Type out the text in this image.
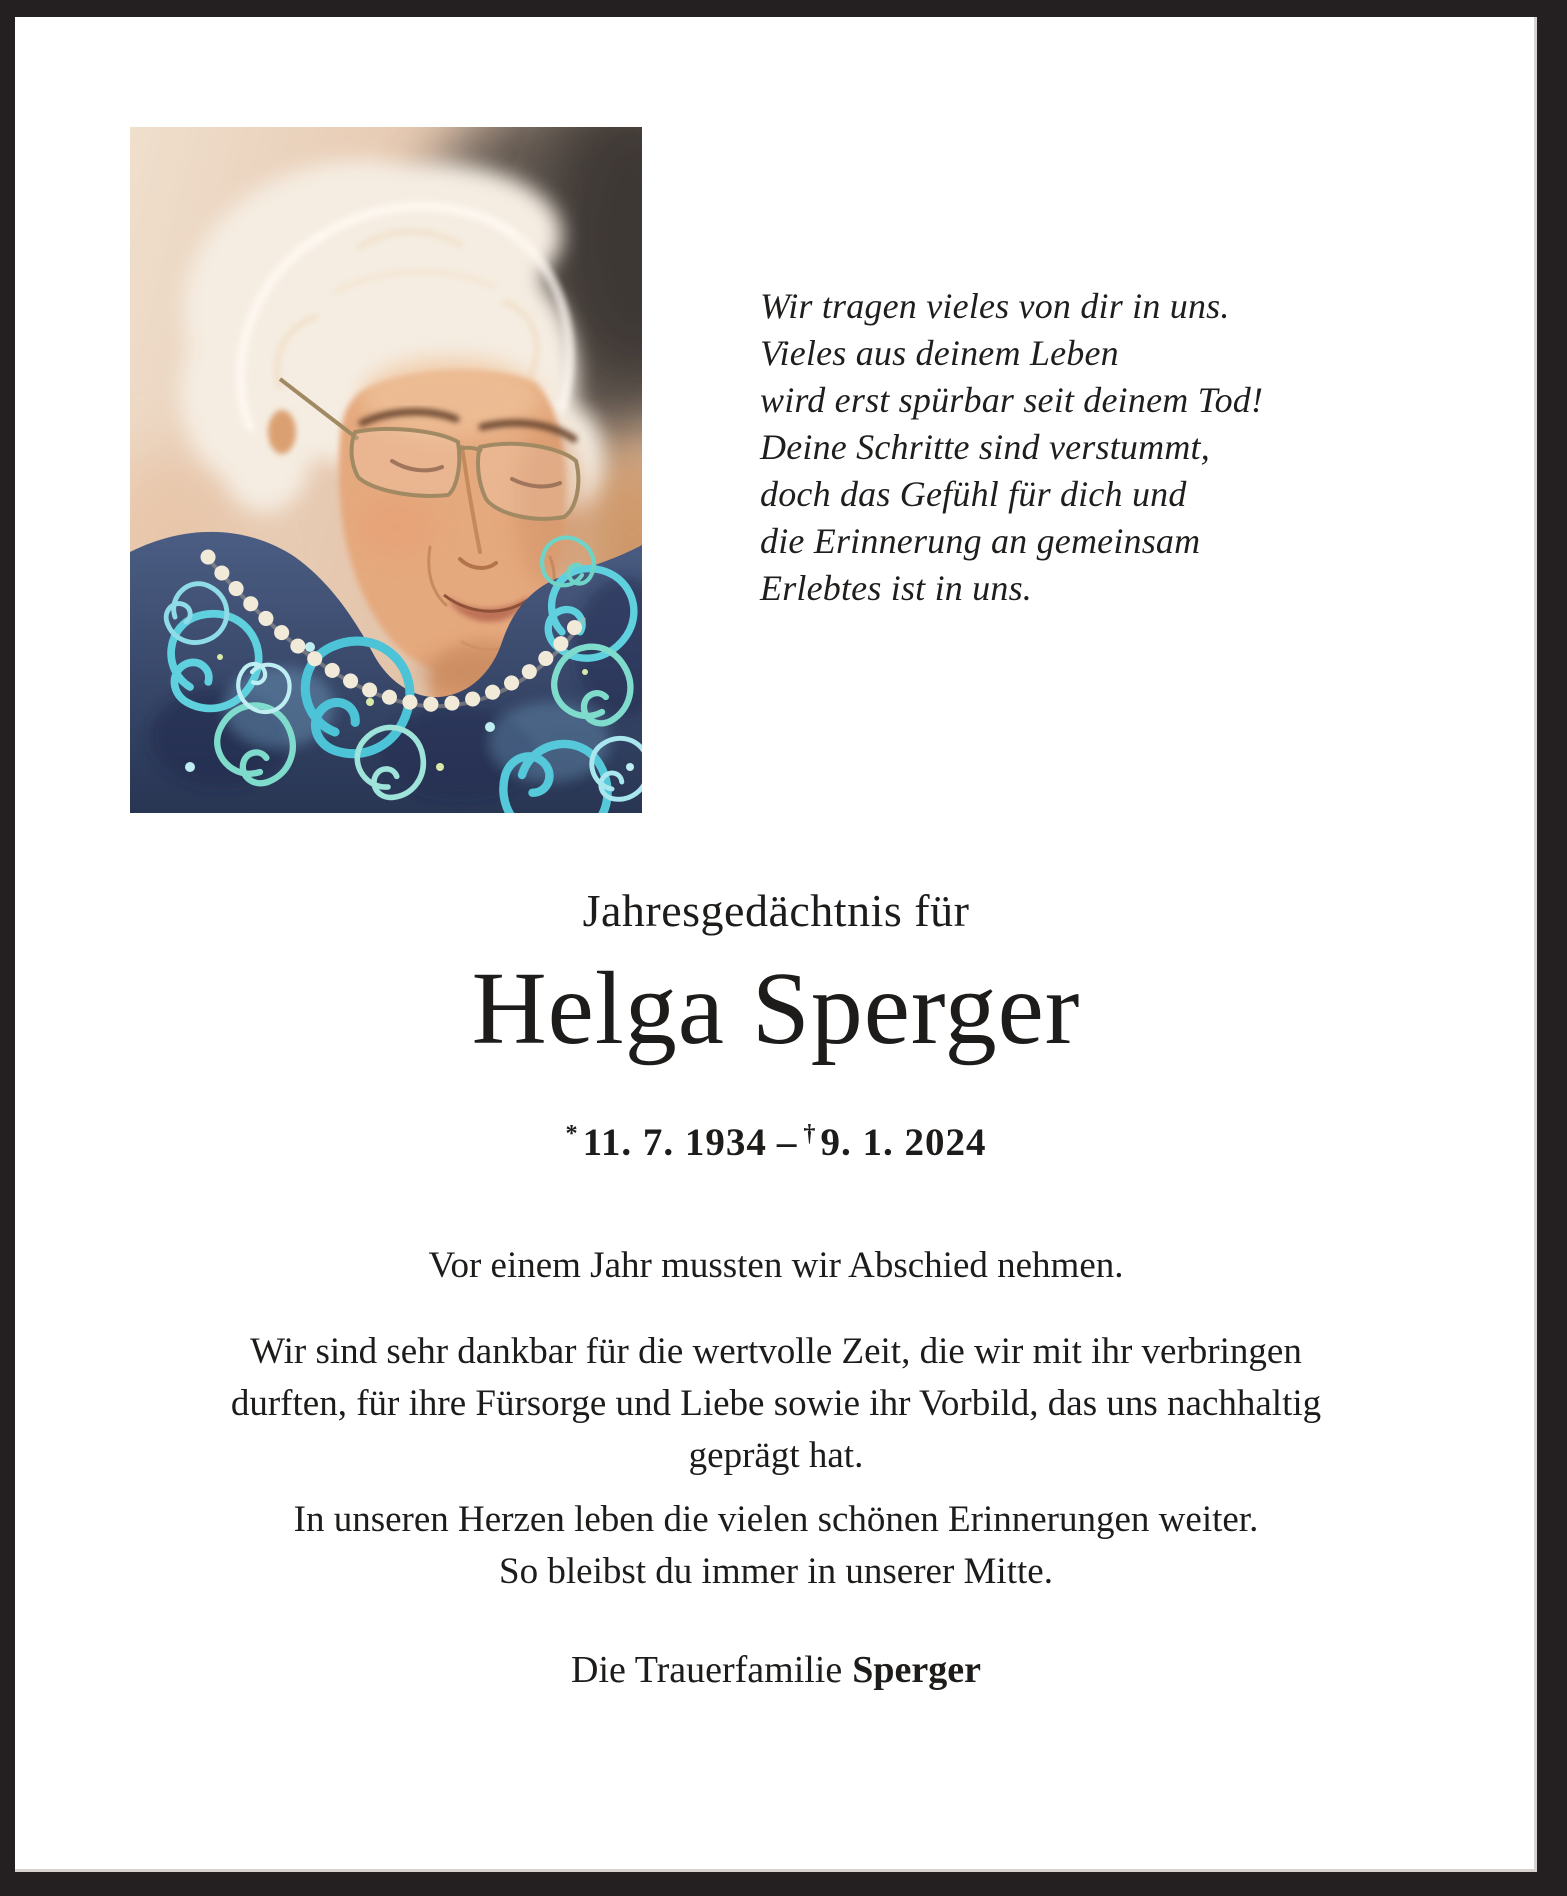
Wir tragen vieles von dir in uns.
Vieles aus deinem Leben
wird erst spürbar seit deinem Tod!
Deine Schritte sind verstummt,
doch das Gefühl für dich und
die Erinnerung an gemeinsam
Erlebtes ist in uns.
Jahresgedächtnis für
Helga Sperger
* 11. 7. 1934 – † 9. 1. 2024
Vor einem Jahr mussten wir Abschied nehmen.
Wir sind sehr dankbar für die wertvolle Zeit, die wir mit ihr verbringen
durften, für ihre Fürsorge und Liebe sowie ihr Vorbild, das uns nachhaltig
geprägt hat.
In unseren Herzen leben die vielen schönen Erinnerungen weiter.
So bleibst du immer in unserer Mitte.
Die Trauerfamilie Sperger
